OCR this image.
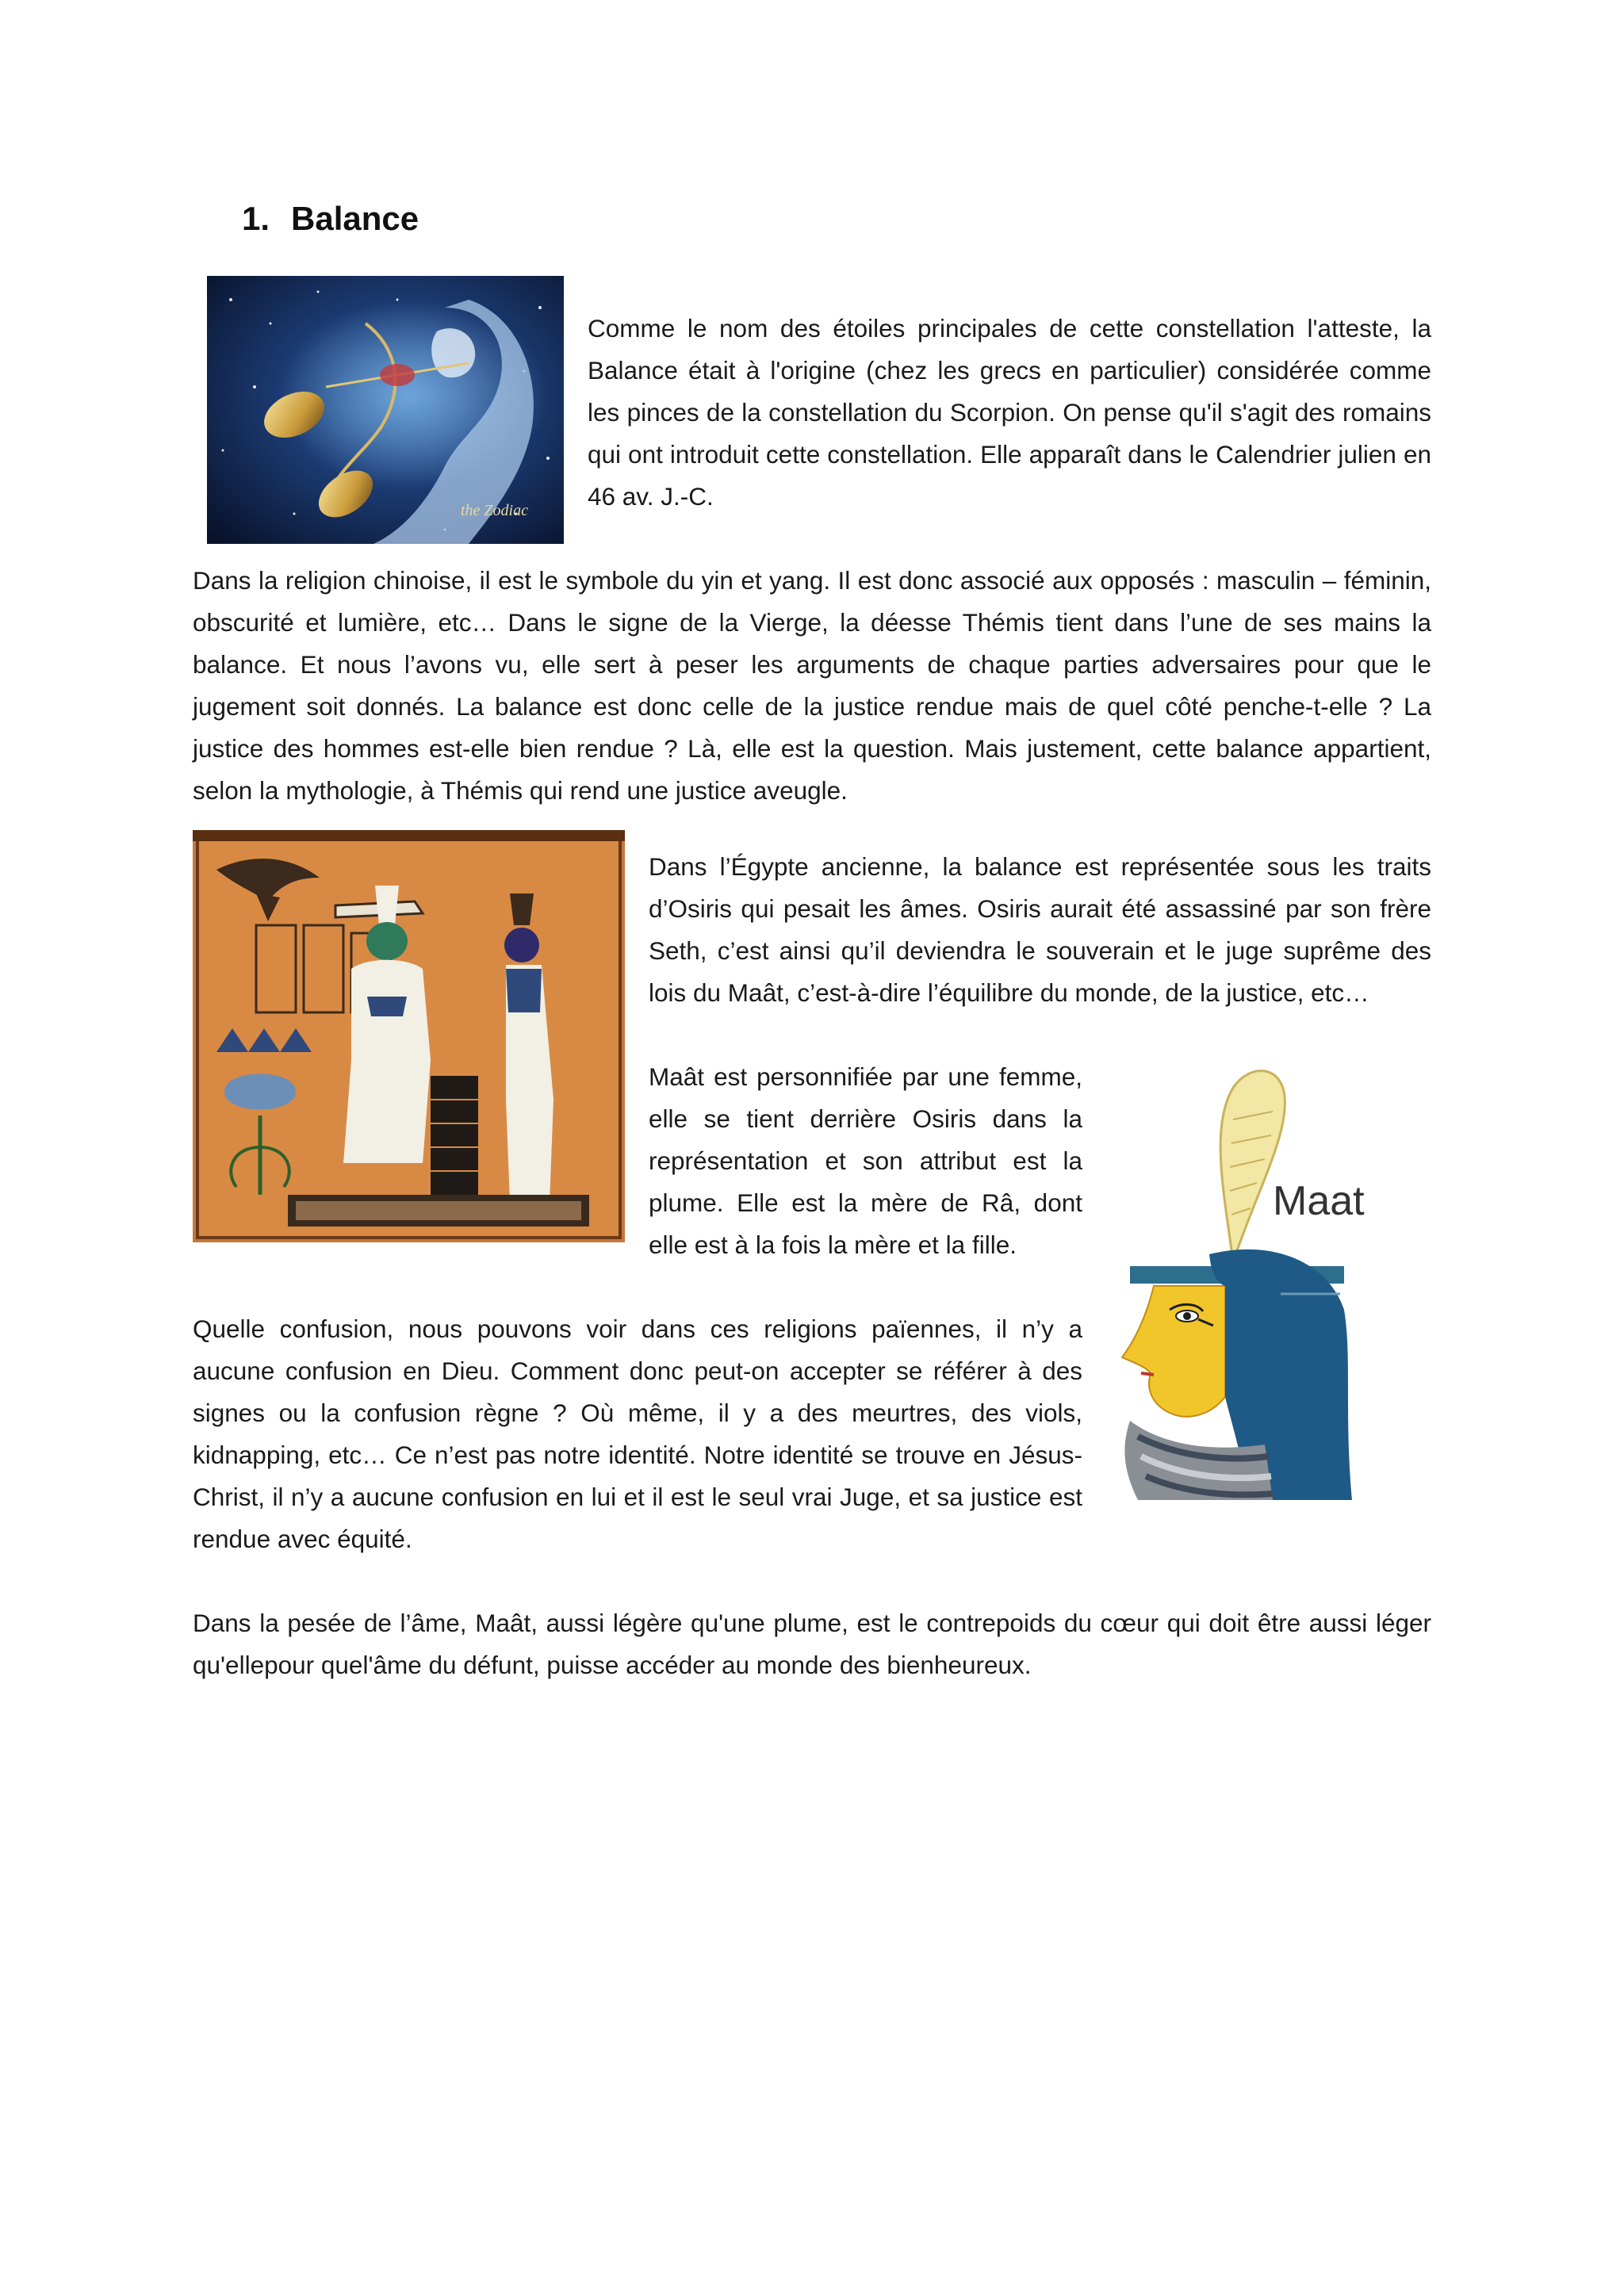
1. Balance
the Zodiac

Comme le nom des étoiles principales de cette constellation l'atteste, la Balance était à l'origine (chez les grecs en particulier) considérée comme les pinces de la constellation du Scorpion. On pense qu'il s'agit des romains qui ont introduit cette constellation. Elle apparaît dans le Calendrier julien en 46 av. J.-C.

Dans la religion chinoise, il est le symbole du yin et yang. Il est donc associé aux opposés : masculin – féminin, obscurité et lumière, etc… Dans le signe de la Vierge, la déesse Thémis tient dans l’une de ses mains la balance. Et nous l’avons vu, elle sert à peser les arguments de chaque parties adversaires pour que le jugement soit donnés. La balance est donc celle de la justice rendue mais de quel côté penche-t-elle ? La justice des hommes est-elle bien rendue ? Là, elle est la question. Mais justement, cette balance appartient, selon la mythologie, à Thémis qui rend une justice aveugle.

Dans l’Égypte ancienne, la balance est représentée sous les traits d’Osiris qui pesait les âmes. Osiris aurait été assassiné par son frère Seth, c’est ainsi qu’il deviendra le souverain et le juge suprême des lois du Maât, c’est-à-dire l’équilibre du monde, de la justice, etc…

Maat

Maât est personnifiée par une femme, elle se tient derrière Osiris dans la représentation et son attribut est la plume. Elle est la mère de Râ, dont elle est à la fois la mère et la fille.

Quelle confusion, nous pouvons voir dans ces religions païennes, il n’y a aucune confusion en Dieu. Comment donc peut-on accepter se référer à des signes ou la confusion règne ? Où même, il y a des meurtres, des viols, kidnapping, etc… Ce n’est pas notre identité. Notre identité se trouve en Jésus-Christ, il n’y a aucune confusion en lui et il est le seul vrai Juge, et sa justice est rendue avec équité.

Dans la pesée de l’âme, Maât, aussi légère qu'une plume, est le contrepoids du cœur qui doit être aussi léger qu'ellepour quel'âme du défunt, puisse accéder au monde des bienheureux.
